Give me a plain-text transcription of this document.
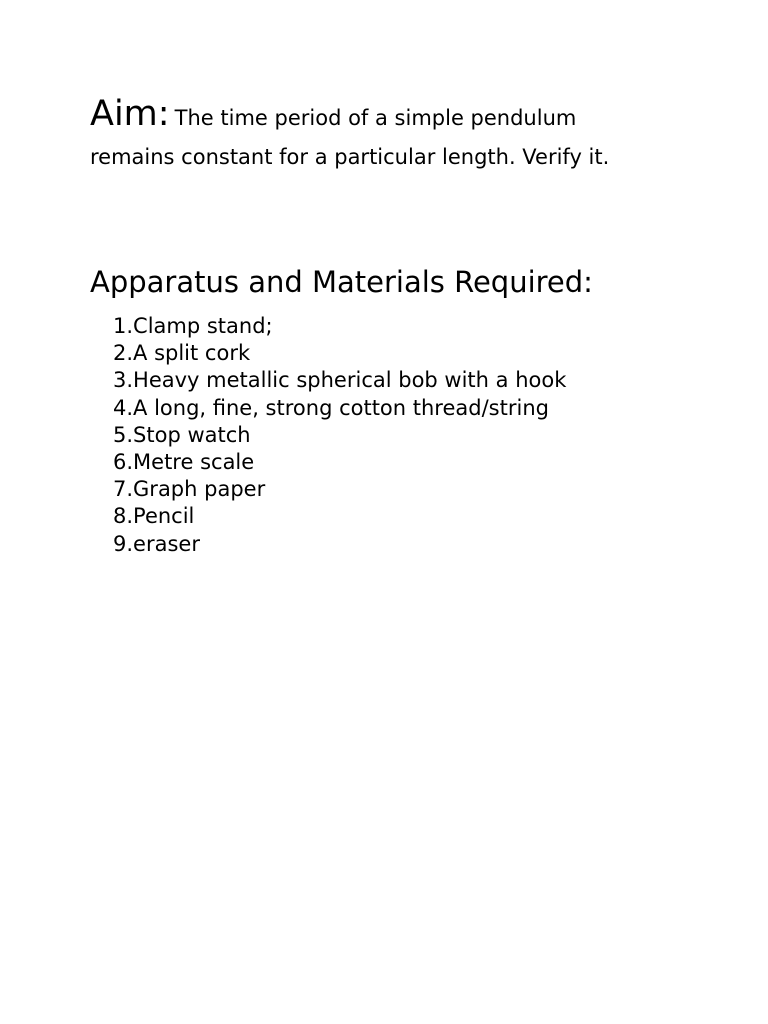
Aim: The time period of a simple pendulum
remains constant for a particular length. Verify it.
Apparatus and Materials Required:
1.Clamp stand;
2.A split cork
3.Heavy metallic spherical bob with a hook
4.A long, fine, strong cotton thread/string
5.Stop watch
6.Metre scale
7.Graph paper
8.Pencil
9.eraser
